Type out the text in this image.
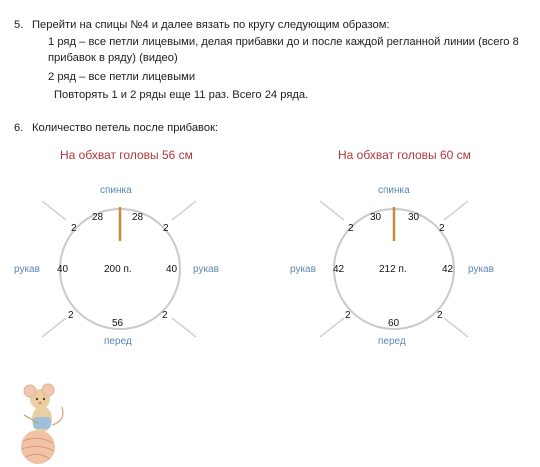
5. Перейти на спицы №4 и далее вязать по кругу следующим образом:
1 ряд – все петли лицевыми, делая прибавки до и после каждой регланной линии (всего 8
прибавок в ряду) (видео)
2 ряд – все петли лицевыми
Повторять 1 и 2 ряды еще 11 раз. Всего 24 ряда.
6. Количество петель после прибавок:
На обхват головы 56 см
спинка
28	28
2	2
рукав 40	200 п.	40 рукав
2	2
56
перед
На обхват головы 60 см
спинка
30	30
2	2
рукав 42	212 п.	42 рукав
2	2
60
перед
